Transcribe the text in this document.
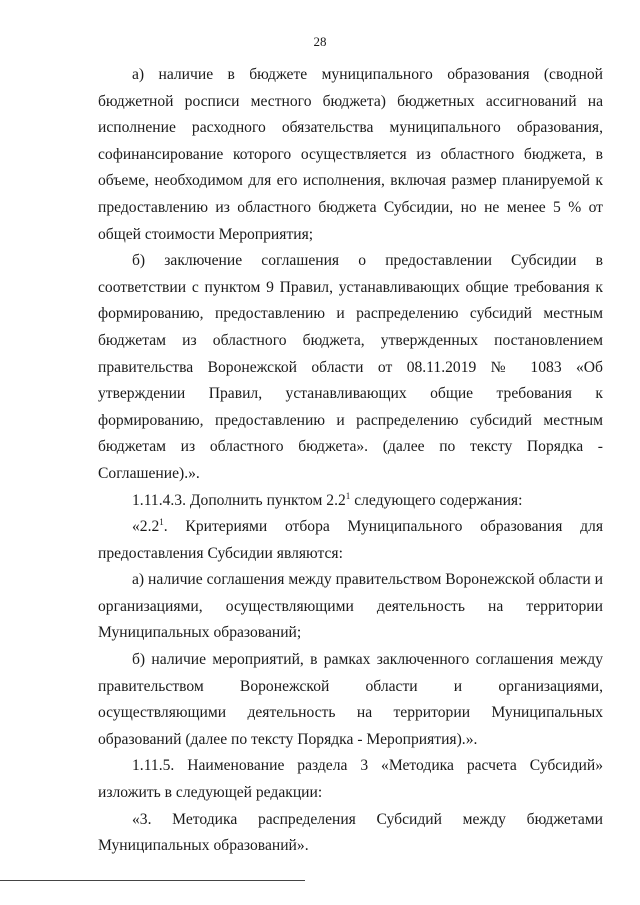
28

а) наличие в бюджете муниципального образования (сводной бюджетной росписи местного бюджета) бюджетных ассигнований на исполнение расходного обязательства муниципального образования, софинансирование которого осуществляется из областного бюджета, в объеме, необходимом для его исполнения, включая размер планируемой к предоставлению из областного бюджета Субсидии, но не менее 5 % от общей стоимости Мероприятия;

б) заключение соглашения о предоставлении Субсидии в соответствии с пунктом 9 Правил, устанавливающих общие требования к формированию, предоставлению и распределению субсидий местным бюджетам из областного бюджета, утвержденных постановлением правительства Воронежской области от 08.11.2019 № 1083 «Об утверждении Правил, устанавливающих общие требования к формированию, предоставлению и распределению субсидий местным бюджетам из областного бюджета». (далее по тексту Порядка - Соглашение).».

1.11.4.3. Дополнить пунктом $2.2^1$ следующего содержания:

«$2.2^1$. Критериями отбора Муниципального образования для предоставления Субсидии являются:

а) наличие соглашения между правительством Воронежской области и организациями, осуществляющими деятельность на территории Муниципальных образований;

б) наличие мероприятий, в рамках заключенного соглашения между правительством Воронежской области и организациями, осуществляющими деятельность на территории Муниципальных образований (далее по тексту Порядка - Мероприятия).».

1.11.5. Наименование раздела 3 «Методика расчета Субсидий» изложить в следующей редакции:

«3. Методика распределения Субсидий между бюджетами Муниципальных образований».
